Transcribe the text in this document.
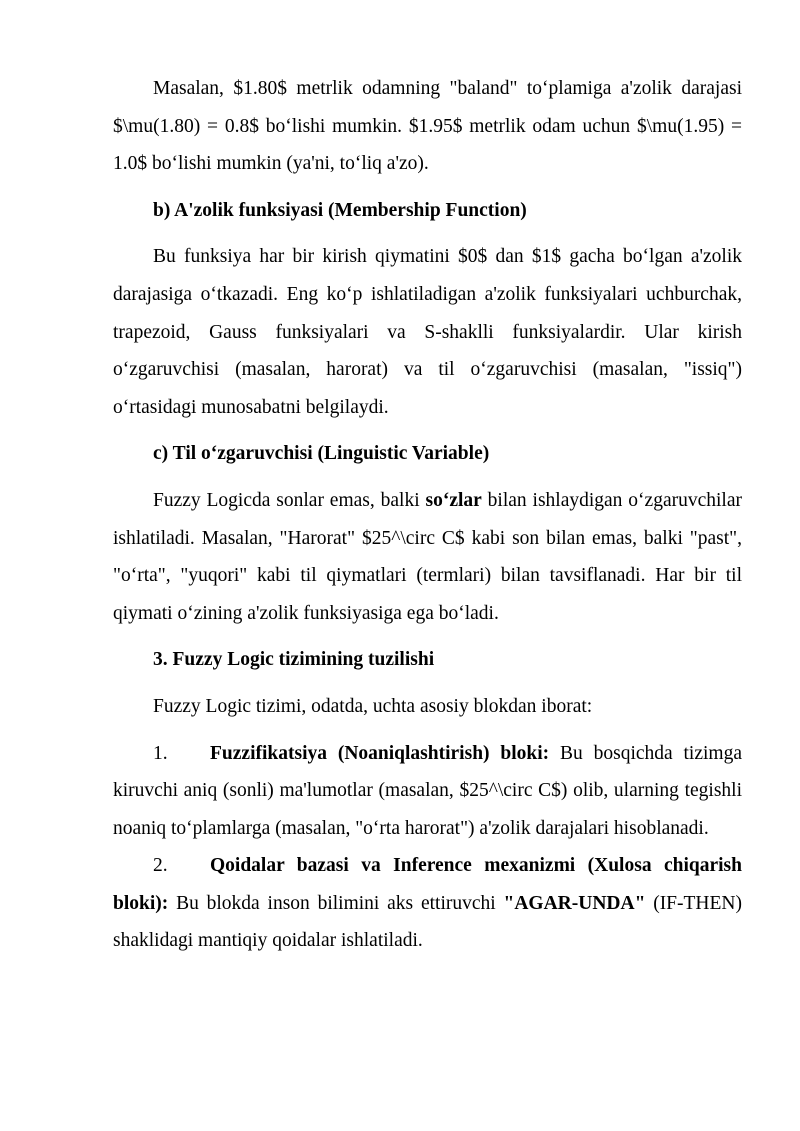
Masalan, $1.80$ metrlik odamning "baland" to‘plamiga a'zolik darajasi $\mu(1.80) = 0.8$ bo‘lishi mumkin. $1.95$ metrlik odam uchun $\mu(1.95) = 1.0$ bo‘lishi mumkin (ya'ni, to‘liq a'zo).

b) A'zolik funksiyasi (Membership Function)

Bu funksiya har bir kirish qiymatini $0$ dan $1$ gacha bo‘lgan a'zolik darajasiga o‘tkazadi. Eng ko‘p ishlatiladigan a'zolik funksiyalari uchburchak, trapezoid, Gauss funksiyalari va S-shaklli funksiyalardir. Ular kirish o‘zgaruvchisi (masalan, harorat) va til o‘zgaruvchisi (masalan, "issiq") o‘rtasidagi munosabatni belgilaydi.

c) Til o‘zgaruvchisi (Linguistic Variable)

Fuzzy Logicda sonlar emas, balki so‘zlar bilan ishlaydigan o‘zgaruvchilar ishlatiladi. Masalan, "Harorat" $25^\circ C$ kabi son bilan emas, balki "past", "o‘rta", "yuqori" kabi til qiymatlari (termlari) bilan tavsiflanadi. Har bir til qiymati o‘zining a'zolik funksiyasiga ega bo‘ladi.

3. Fuzzy Logic tizimining tuzilishi

Fuzzy Logic tizimi, odatda, uchta asosiy blokdan iborat:

1. Fuzzifikatsiya (Noaniqlashtirish) bloki: Bu bosqichda tizimga kiruvchi aniq (sonli) ma'lumotlar (masalan, $25^\circ C$) olib, ularning tegishli noaniq to‘plamlarga (masalan, "o‘rta harorat") a'zolik darajalari hisoblanadi.

2. Qoidalar bazasi va Inference mexanizmi (Xulosa chiqarish bloki): Bu blokda inson bilimini aks ettiruvchi "AGAR-UNDA" (IF-THEN) shaklidagi mantiqiy qoidalar ishlatiladi.
